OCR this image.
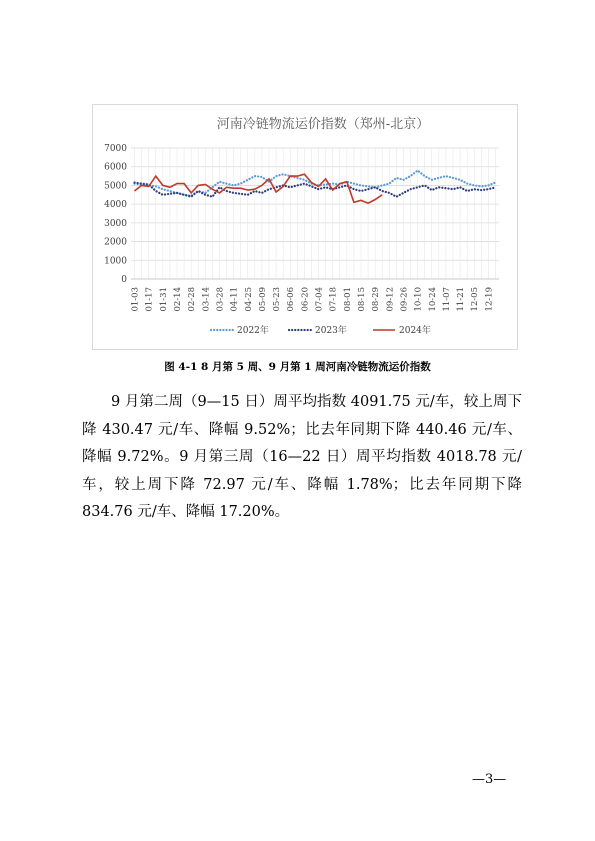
河南冷链物流运价指数（郑州-北京）
0
1000
2000
3000
4000
5000
6000
7000
01-03 01-17 01-31 02-14 02-28 03-14 03-28 04-11 04-25 05-09 05-23 06-06 06-20 07-04 07-18 08-01 08-15 08-29 09-12 09-26 10-10 10-24 11-07 11-21 12-05 12-19
2022年	2023年	2024年
图 4-1 8 月第 5 周、9 月第 1 周河南冷链物流运价指数
9 月第二周（9—15 日）周平均指数 4091.75 元/车，较上周下降 430.47 元/车、降幅 9.52%；比去年同期下降 440.46 元/车、降幅 9.72%。9 月第三周（16—22 日）周平均指数 4018.78 元/车，较上周下降 72.97 元/车、降幅 1.78%；比去年同期下降 834.76 元/车、降幅 17.20%。
—3—
